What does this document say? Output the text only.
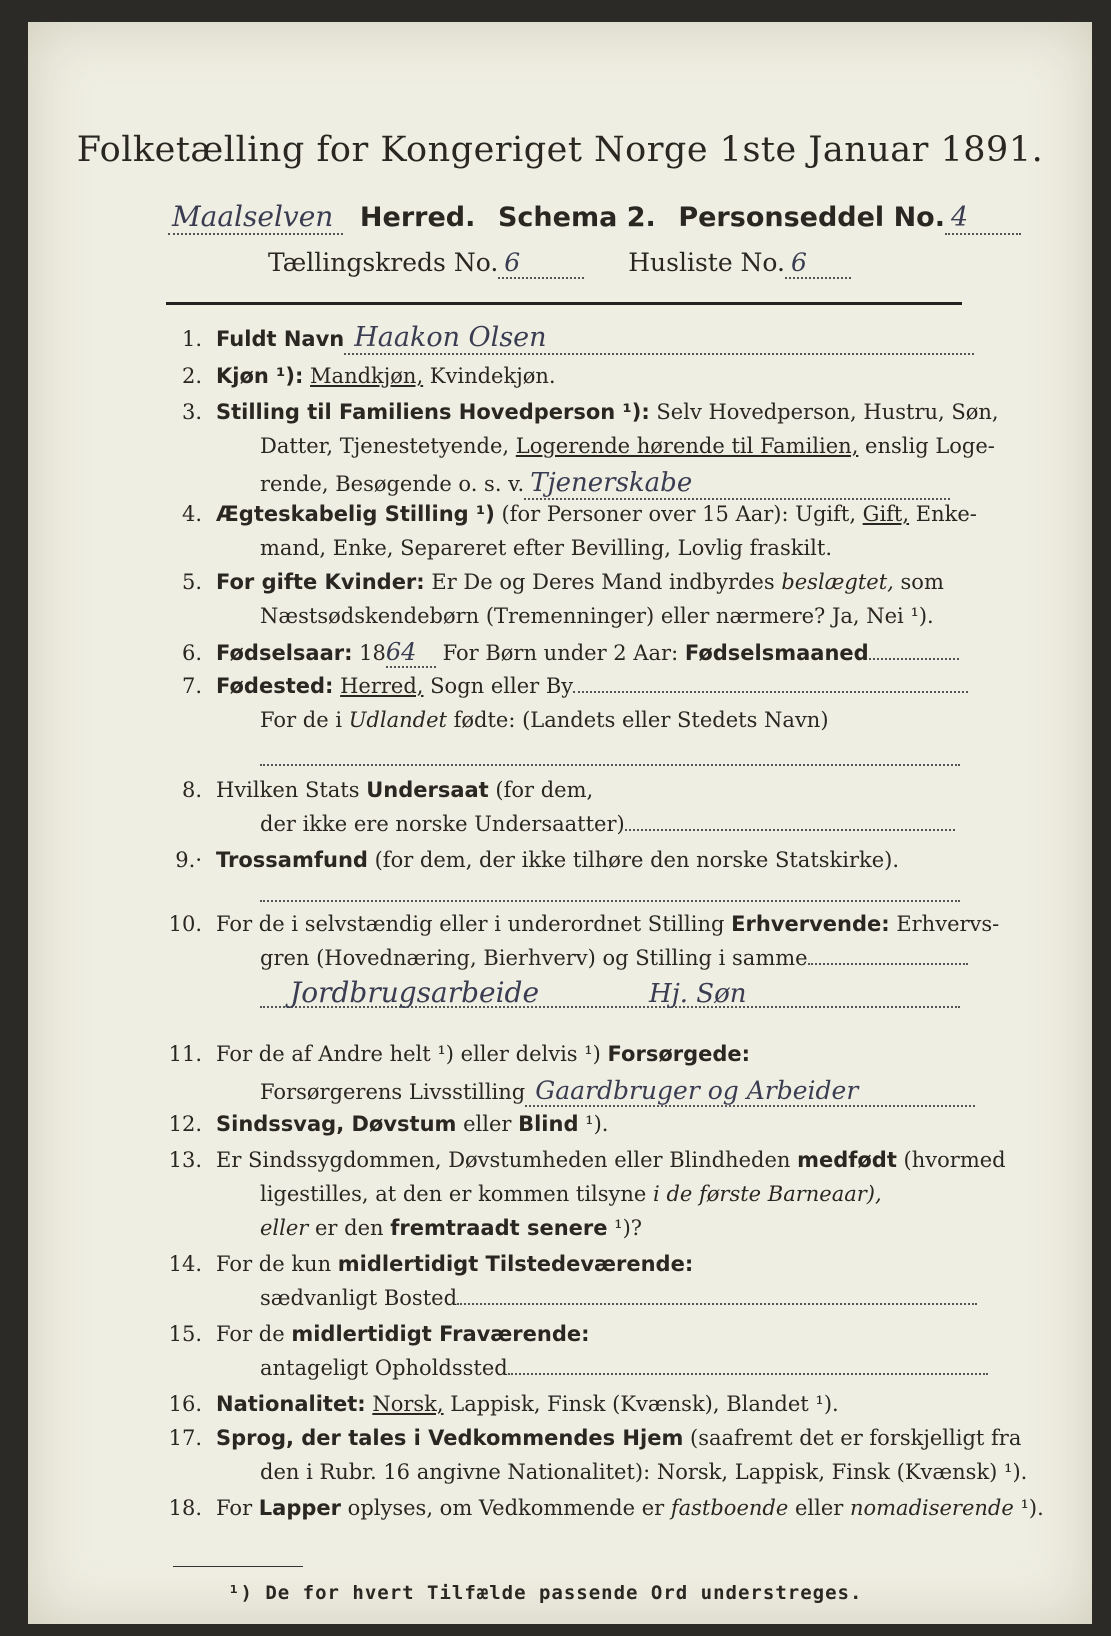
Folketælling for Kongeriget Norge 1ste Januar 1891.
Maalselven Herred. Schema 2. Personseddel No. 4
Tællingskreds No. 6	Husliste No. 6
1. Fuldt Navn Haakon Olsen
2. Kjøn ¹): Mandkjøn, Kvindekjøn.
3. Stilling til Familiens Hovedperson ¹): Selv Hovedperson, Hustru, Søn,
Datter, Tjenestetyende, Logerende hørende til Familien, enslig Loge-
rende, Besøgende o. s. v. Tjenerskabe
4. Ægteskabelig Stilling ¹) (for Personer over 15 Aar): Ugift, Gift, Enke-
mand, Enke, Separeret efter Bevilling, Lovlig fraskilt.
5. For gifte Kvinder: Er De og Deres Mand indbyrdes beslægtet, som
Næstsødskendebørn (Tremenninger) eller nærmere? Ja, Nei ¹).
6. Fødselsaar: 1864 For Børn under 2 Aar: Fødselsmaaned
7. Fødested: Herred, Sogn eller By
For de i Udlandet fødte: (Landets eller Stedets Navn)
8. Hvilken Stats Undersaat (for dem,
der ikke ere norske Undersaatter)
9.· Trossamfund (for dem, der ikke tilhøre den norske Statskirke).
10. For de i selvstændig eller i underordnet Stilling Erhvervende: Erhvervs-
gren (Hovednæring, Bierhverv) og Stilling i samme
Jordbrugsarbeide	Hj. Søn
11. For de af Andre helt ¹) eller delvis ¹) Forsørgede:
Forsørgerens Livsstilling Gaardbruger og Arbeider
12. Sindssvag, Døvstum eller Blind ¹).
13. Er Sindssygdommen, Døvstumheden eller Blindheden medfødt (hvormed
ligestilles, at den er kommen tilsyne i de første Barneaar),
eller er den fremtraadt senere ¹)?
14. For de kun midlertidigt Tilstedeværende:
sædvanligt Bosted
15. For de midlertidigt Fraværende:
antageligt Opholdssted
16. Nationalitet: Norsk, Lappisk, Finsk (Kvænsk), Blandet ¹).
17. Sprog, der tales i Vedkommendes Hjem (saafremt det er forskjelligt fra
den i Rubr. 16 angivne Nationalitet): Norsk, Lappisk, Finsk (Kvænsk) ¹).
18. For Lapper oplyses, om Vedkommende er fastboende eller nomadiserende ¹).
¹) De for hvert Tilfælde passende Ord understreges.
